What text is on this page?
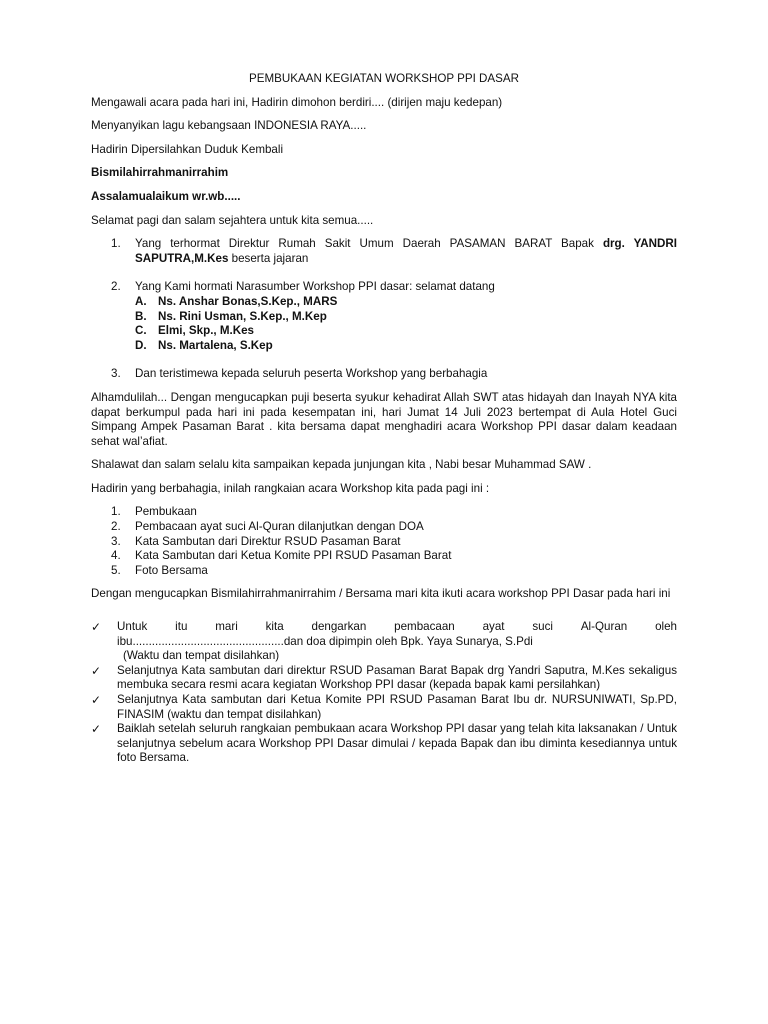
PEMBUKAAN KEGIATAN WORKSHOP PPI DASAR

Mengawali acara pada hari ini, Hadirin dimohon berdiri.... (dirijen maju kedepan)

Menyanyikan lagu kebangsaan INDONESIA RAYA.....

Hadirin Dipersilahkan Duduk Kembali

Bismilahirrahmanirrahim

Assalamualaikum wr.wb.....

Selamat pagi dan salam sejahtera untuk kita semua.....

1. Yang terhormat Direktur Rumah Sakit Umum Daerah PASAMAN BARAT Bapak drg. YANDRI SAPUTRA,M.Kes beserta jajaran
2. Yang Kami hormati Narasumber Workshop PPI dasar: selamat datang
A. Ns. Anshar Bonas,S.Kep., MARS
B. Ns. Rini Usman, S.Kep., M.Kep
C. Elmi, Skp., M.Kes
D. Ns. Martalena, S.Kep
3. Dan teristimewa kepada seluruh peserta Workshop yang berbahagia

Alhamdulilah... Dengan mengucapkan puji beserta syukur kehadirat Allah SWT atas hidayah dan Inayah NYA kita dapat berkumpul pada hari ini pada kesempatan ini, hari Jumat 14 Juli 2023 bertempat di Aula Hotel Guci Simpang Ampek Pasaman Barat . kita bersama dapat menghadiri acara Workshop PPI dasar dalam keadaan sehat wal’afiat.

Shalawat dan salam selalu kita sampaikan kepada junjungan kita , Nabi besar Muhammad SAW .

Hadirin yang berbahagia, inilah rangkaian acara Workshop kita pada pagi ini :

1. Pembukaan
2. Pembacaan ayat suci Al-Quran dilanjutkan dengan DOA
3. Kata Sambutan dari Direktur RSUD Pasaman Barat
4. Kata Sambutan dari Ketua Komite PPI RSUD Pasaman Barat
5. Foto Bersama

Dengan mengucapkan Bismilahirrahmanirrahim / Bersama mari kita ikuti acara workshop PPI Dasar pada hari ini

✓ Untuk itu mari kita dengarkan pembacaan ayat suci Al-Quran oleh
ibu...............................................dan doa dipimpin oleh Bpk. Yaya Sunarya, S.Pdi
(Waktu dan tempat disilahkan)
✓ Selanjutnya Kata sambutan dari direktur RSUD Pasaman Barat Bapak drg Yandri Saputra, M.Kes sekaligus membuka secara resmi acara kegiatan Workshop PPI dasar (kepada bapak kami persilahkan)
✓ Selanjutnya Kata sambutan dari Ketua Komite PPI RSUD Pasaman Barat Ibu dr. NURSUNIWATI, Sp.PD, FINASIM (waktu dan tempat disilahkan)
✓ Baiklah setelah seluruh rangkaian pembukaan acara Workshop PPI dasar yang telah kita laksanakan / Untuk selanjutnya sebelum acara Workshop PPI Dasar dimulai / kepada Bapak dan ibu diminta kesediannya untuk foto Bersama.
